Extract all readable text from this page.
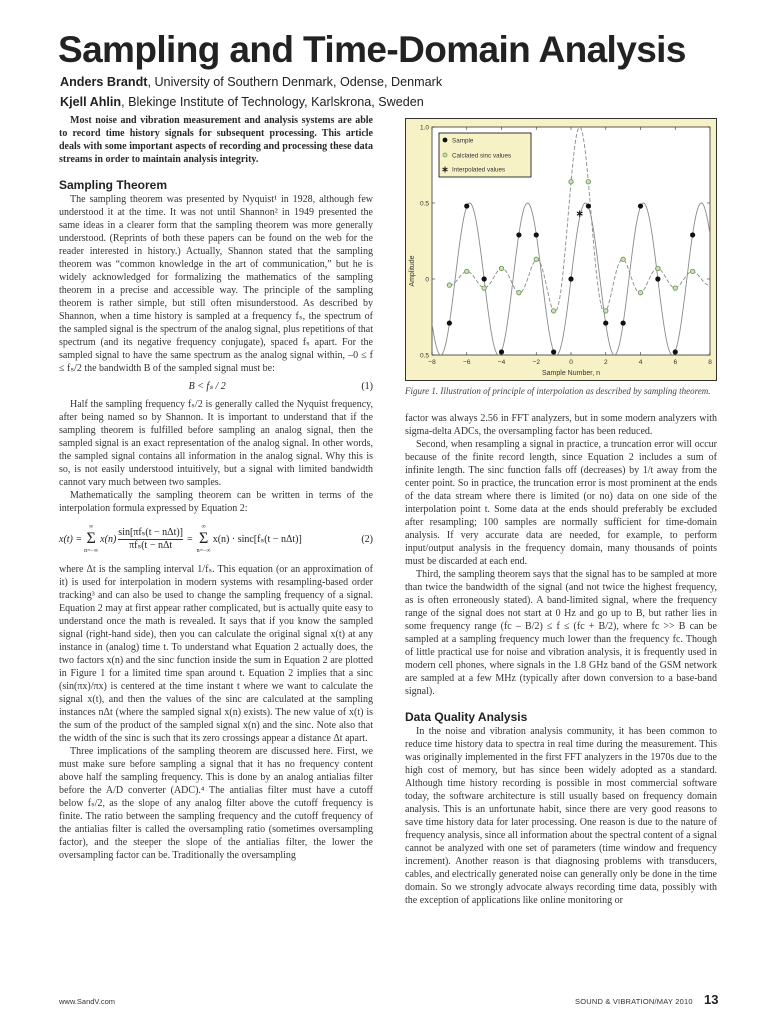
Sampling and Time-Domain Analysis
Anders Brandt, University of Southern Denmark, Odense, Denmark
Kjell Ahlin, Blekinge Institute of Technology, Karlskrona, Sweden

Most noise and vibration measurement and analysis systems are able to record time history signals for subsequent processing. This article deals with some important aspects of recording and processing these data streams in order to maintain analysis integrity.

Sampling Theorem

The sampling theorem was presented by Nyquist¹ in 1928, although few understood it at the time. It was not until Shannon² in 1949 presented the same ideas in a clearer form that the sampling theorem was more generally understood. (Reprints of both these papers can be found on the web for the reader interested in history.) Actually, Shannon stated that the sampling theorem was “common knowledge in the art of communication,” but he is widely acknowledged for formalizing the mathematics of the sampling theorem in a precise and accessible way. The principle of the sampling theorem is rather simple, but still often misunderstood. As described by Shannon, when a time history is sampled at a frequency fₛ, the spectrum of the sampled signal is the spectrum of the analog signal, plus repetitions of that spectrum (and its negative frequency conjugate), spaced fₛ apart. For the sampled signal to have the same spectrum as the analog signal within, –0 ≤ f ≤ fₛ/2 the bandwidth B of the sampled signal must be:

B < fₛ / 2	(1)

Half the sampling frequency fₛ/2 is generally called the Nyquist frequency, after being named so by Shannon. It is important to understand that if the sampling theorem is fulfilled before sampling an analog signal, then the sampled signal is an exact representation of the analog signal. In other words, the sampled signal contains all information in the analog signal. Why this is so, is not easily understood intuitively, but a signal with limited bandwidth cannot vary much between two samples.

Mathematically the sampling theorem can be written in terms of the interpolation formula expressed by Equation 2:

x(t) =
∞
Σ
n=−∞
$x(n) \frac{\text{sin[πfₛ(t − nΔt)]}}{\text{πfₛ(t − nΔt}}$ =
∞
Σ
n=−∞
x(n) · sinc[fₛ(t − nΔt)]	(2)

where Δt is the sampling interval 1/fₛ. This equation (or an approximation of it) is used for interpolation in modern systems with resampling-based order tracking³ and can also be used to change the sampling frequency of a signal. Equation 2 may at first appear rather complicated, but is actually quite easy to understand once the math is revealed. It says that if you know the sampled signal (right-hand side), then you can calculate the original signal x(t) at any instance in (analog) time t. To understand what Equation 2 actually does, the two factors x(n) and the sinc function inside the sum in Equation 2 are plotted in Figure 1 for a limited time span around t. Equation 2 implies that a sinc (sin(πx)/πx) is centered at the time instant t where we want to calculate the signal x(t), and then the values of the sinc are calculated at the sampling instances nΔt (where the sampled signal x(n) exists). The new value of x(t) is the sum of the product of the sampled signal x(n) and the sinc. Note also that the width of the sinc is such that its zero crossings appear a distance Δt apart.

Three implications of the sampling theorem are discussed here. First, we must make sure before sampling a signal that it has no frequency content above half the sampling frequency. This is done by an analog antialias filter before the A/D converter (ADC).⁴ The antialias filter must have a cutoff below fₛ/2, as the slope of any analog filter above the cutoff frequency is finite. The ratio between the sampling frequency and the cutoff frequency of the antialias filter is called the oversampling ratio (sometimes oversampling factor), and the steeper the slope of the antialias filter, the lower the oversampling factor can be. Traditionally the oversampling

−8	−6	−4	−2	0	2	4	6	8
1.0
0.5
0
0.5
Sample Number, n
Amplitude
Sample
Calclated sinc values
Interpolated values
Figure 1. Illustration of principle of interpolation as described by sampling theorem.

factor was always 2.56 in FFT analyzers, but in some modern analyzers with sigma-delta ADCs, the oversampling factor has been reduced.

Second, when resampling a signal in practice, a truncation error will occur because of the finite record length, since Equation 2 includes a sum of infinite length. The sinc function falls off (decreases) by 1/t away from the center point. So in practice, the truncation error is most prominent at the ends of the data stream where there is limited (or no) data on one side of the interpolation point t. Some data at the ends should preferably be excluded after resampling; 100 samples are normally sufficient for time-domain analysis. If very accurate data are needed, for example, to perform input/output analysis in the frequency domain, many thousands of points must be discarded at each end.

Third, the sampling theorem says that the signal has to be sampled at more than twice the bandwidth of the signal (and not twice the highest frequency, as is often erroneously stated). A band-limited signal, where the frequency range of the signal does not start at 0 Hz and go up to B, but rather lies in some frequency range (fc – B/2) ≤ f ≤ (fc + B/2), where fc >> B can be sampled at a sampling frequency much lower than the frequency fc. Though of little practical use for noise and vibration analysis, it is frequently used in modern cell phones, where signals in the 1.8 GHz band of the GSM network are sampled at a few MHz (typically after down conversion to a base-band signal).

Data Quality Analysis

In the noise and vibration analysis community, it has been common to reduce time history data to spectra in real time during the measurement. This was originally implemented in the first FFT analyzers in the 1970s due to the high cost of memory, but has since been widely adopted as a standard. Although time history recording is possible in most commercial software today, the software architecture is still usually based on frequency domain analysis. This is an unfortunate habit, since there are very good reasons to save time history data for later processing. One reason is due to the nature of frequency analysis, since all information about the spectral content of a signal cannot be analyzed with one set of parameters (time window and frequency increment). Another reason is that diagnosing problems with transducers, cables, and electrically generated noise can generally only be done in the time domain. So we strongly advocate always recording time data, possibly with the exception of applications like online monitoring or

www.SandV.com	SOUND & VIBRATION/MAY 2010 13
